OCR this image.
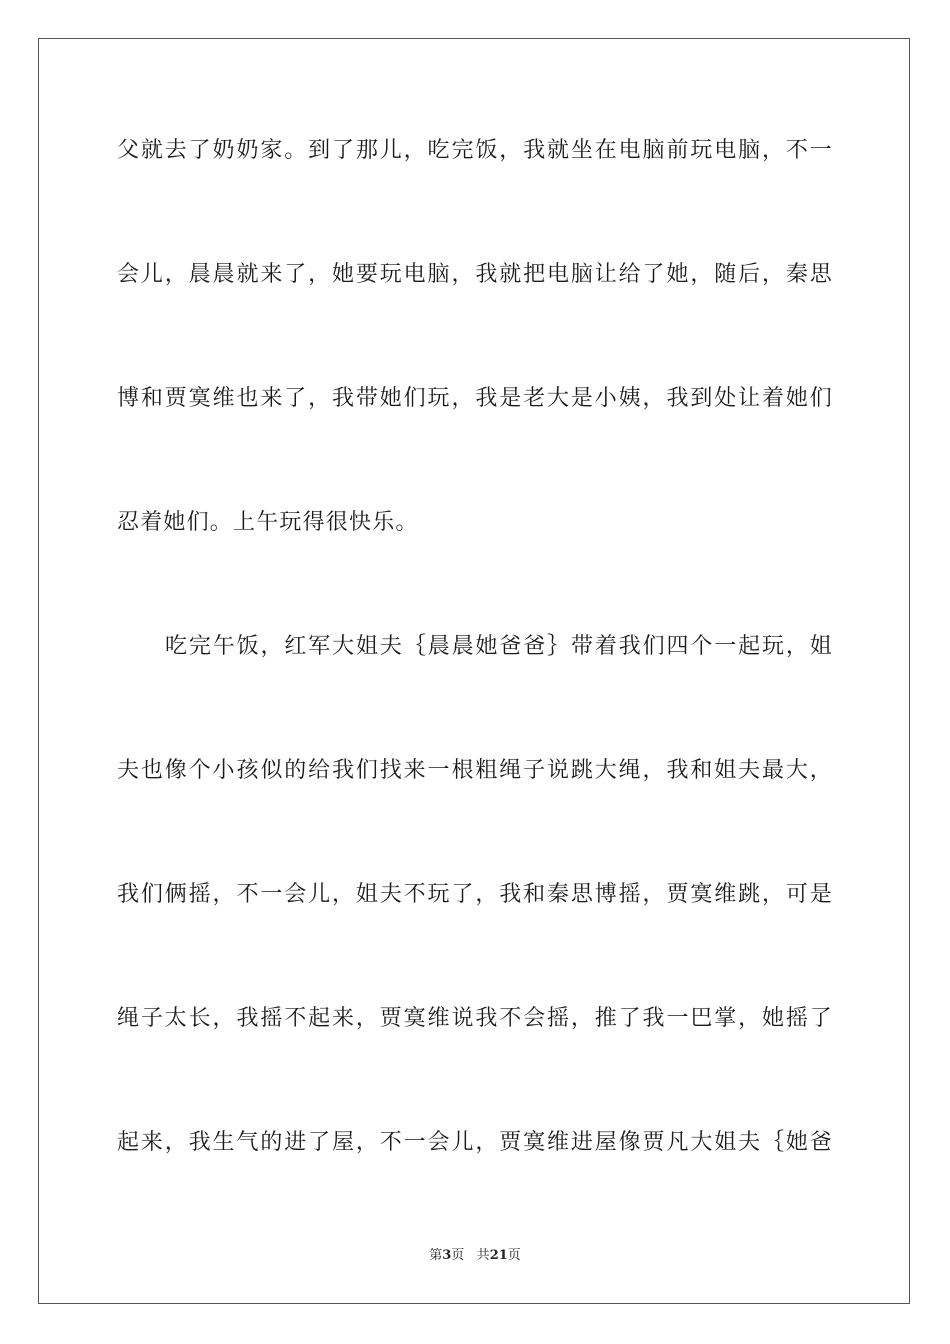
父就去了奶奶家。到了那儿，吃完饭，我就坐在电脑前玩电脑，不一
会儿，晨晨就来了，她要玩电脑，我就把电脑让给了她，随后，秦思
博和贾寞维也来了，我带她们玩，我是老大是小姨，我到处让着她们
忍着她们。上午玩得很快乐。
吃完午饭，红军大姐夫｛晨晨她爸爸｝带着我们四个一起玩，姐
夫也像个小孩似的给我们找来一根粗绳子说跳大绳，我和姐夫最大，
我们俩摇，不一会儿，姐夫不玩了，我和秦思博摇，贾寞维跳，可是
绳子太长，我摇不起来，贾寞维说我不会摇，推了我一巴掌，她摇了
起来，我生气的进了屋，不一会儿，贾寞维进屋像贾凡大姐夫｛她爸
第3页 共21页
